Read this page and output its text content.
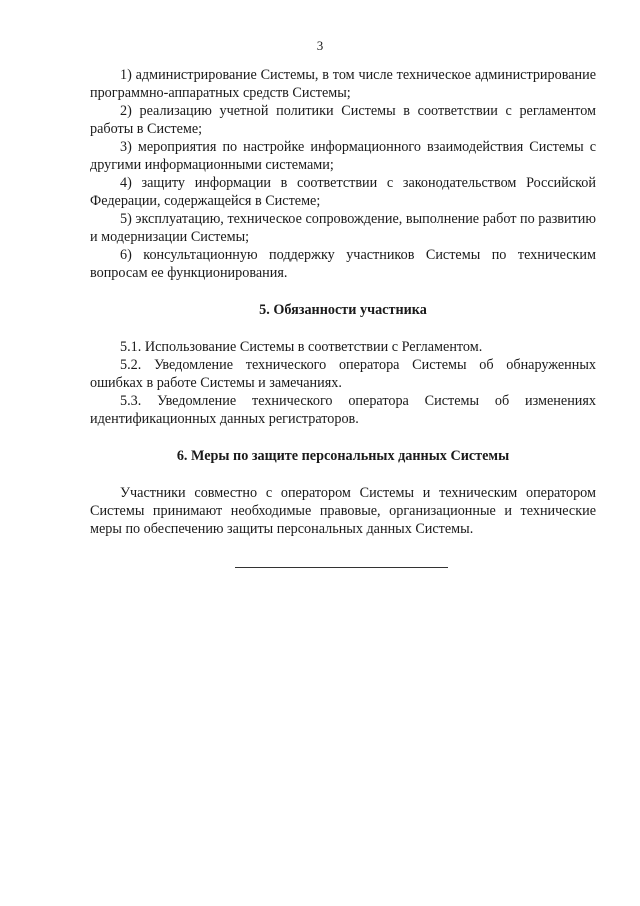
3

1) администрирование Системы, в том числе техническое администрирование программно-аппаратных средств Системы;

2) реализацию учетной политики Системы в соответствии с регламентом работы в Системе;

3) мероприятия по настройке информационного взаимодействия Системы с другими информационными системами;

4) защиту информации в соответствии с законодательством Российской Федерации, содержащейся в Системе;

5) эксплуатацию, техническое сопровождение, выполнение работ по развитию и модернизации Системы;

6) консультационную поддержку участников Системы по техническим вопросам ее функционирования.

5. Обязанности участника

5.1. Использование Системы в соответствии с Регламентом.

5.2. Уведомление технического оператора Системы об обнаруженных ошибках в работе Системы и замечаниях.

5.3. Уведомление технического оператора Системы об изменениях идентификационных данных регистраторов.

6. Меры по защите персональных данных Системы

Участники совместно с оператором Системы и техническим оператором Системы принимают необходимые правовые, организационные и технические меры по обеспечению защиты персональных данных Системы.
